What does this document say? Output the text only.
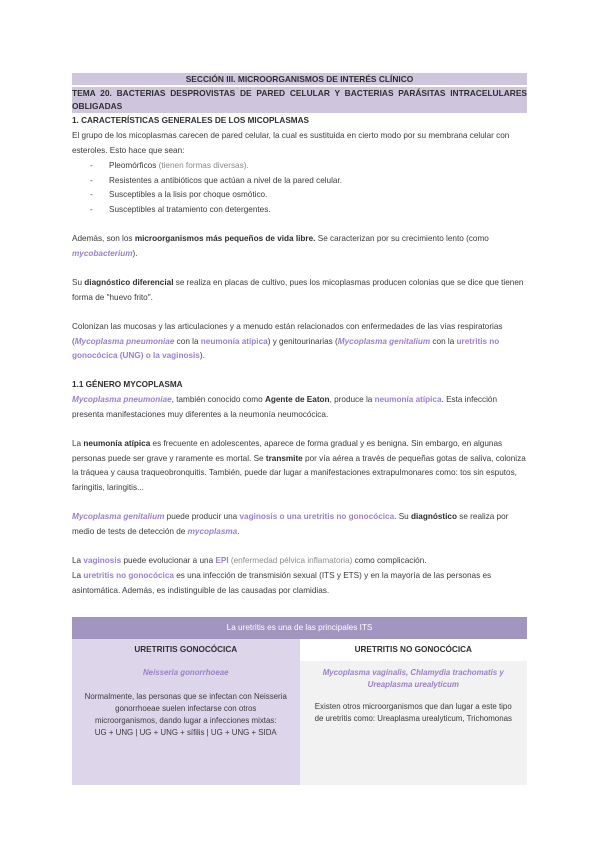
SECCIÓN III. MICROORGANISMOS DE INTERÉS CLÍNICO
TEMA 20. BACTERIAS DESPROVISTAS DE PARED CELULAR Y BACTERIAS PARÁSITAS INTRACELULARES OBLIGADAS

1. CARACTERÍSTICAS GENERALES DE LOS MICOPLASMAS

El grupo de los micoplasmas carecen de pared celular, la cual es sustituida en cierto modo por su membrana celular con esteroles. Esto hace que sean:

- Pleomórficos (tienen formas diversas).
- Resistentes a antibióticos que actúan a nivel de la pared celular.
- Susceptibles a la lisis por choque osmótico.
- Susceptibles al tratamiento con detergentes.

Además, son los microorganismos más pequeños de vida libre. Se caracterizan por su crecimiento lento (como mycobacterium).

Su diagnóstico diferencial se realiza en placas de cultivo, pues los micoplasmas producen colonias que se dice que tienen forma de "huevo frito".

Colonizan las mucosas y las articulaciones y a menudo están relacionados con enfermedades de las vías respiratorias (Mycoplasma pneumoniae con la neumonía atípica) y genitourinarias (Mycoplasma genitalium con la uretritis no gonocócica (UNG) o la vaginosis).

1.1 GÉNERO MYCOPLASMA

Mycoplasma pneumoniae, también conocido como Agente de Eaton, produce la neumonía atípica. Esta infección presenta manifestaciones muy diferentes a la neumonía neumocócica.

La neumonía atípica es frecuente en adolescentes, aparece de forma gradual y es benigna. Sin embargo, en algunas personas puede ser grave y raramente es mortal. Se transmite por vía aérea a través de pequeñas gotas de saliva, coloniza la tráquea y causa traqueobronquitis. También, puede dar lugar a manifestaciones extrapulmonares como: tos sin esputos, faringitis, laringitis...

Mycoplasma genitalium puede producir una vaginosis o una uretritis no gonocócica. Su diagnóstico se realiza por medio de tests de detección de mycoplasma.

La vaginosis puede evolucionar a una EPI (enfermedad pélvica inflamatoria) como complicación.

La uretritis no gonocócica es una infección de transmisión sexual (ITS y ETS) y en la mayoría de las personas es asintomática. Además, es indistinguible de las causadas por clamidias.

La uretritis es una de las principales ITS
URETRITIS GONOCÓCICA	URETRITIS NO GONOCÓCICA
Neisseria gonorrhoeae
Normalmente, las personas que se infectan con Neisseria gonorrhoeae suelen infectarse con otros microorganismos, dando lugar a infecciones mixtas:
UG + UNG | UG + UNG + sífilis | UG + UNG + SIDA
Mycoplasma vaginalis, Chlamydia trachomatis y Ureaplasma urealyticum
Existen otros microorganismos que dan lugar a este tipo de uretritis como: Ureaplasma urealyticum, Trichomonas
